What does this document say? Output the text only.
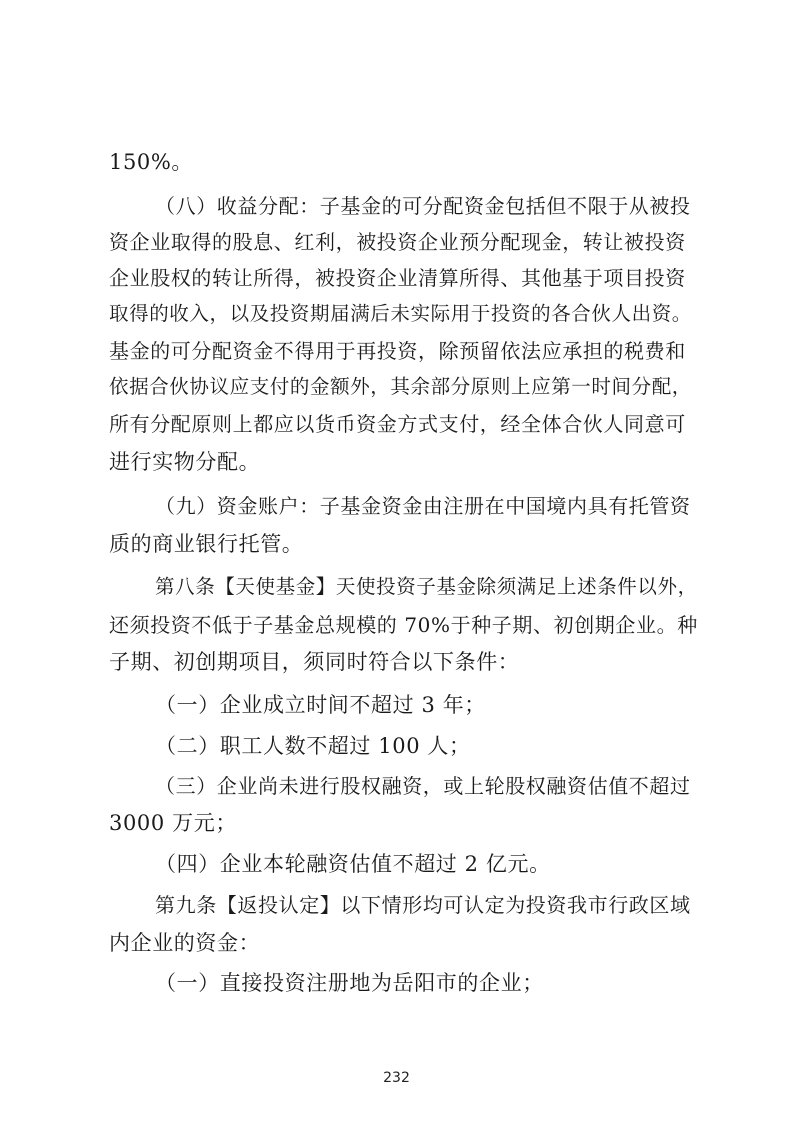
150%。
（八）收益分配：子基金的可分配资金包括但不限于从被投
资企业取得的股息、红利，被投资企业预分配现金，转让被投资
企业股权的转让所得，被投资企业清算所得、其他基于项目投资
取得的收入，以及投资期届满后未实际用于投资的各合伙人出资。
基金的可分配资金不得用于再投资，除预留依法应承担的税费和
依据合伙协议应支付的金额外，其余部分原则上应第一时间分配，
所有分配原则上都应以货币资金方式支付，经全体合伙人同意可
进行实物分配。
（九）资金账户：子基金资金由注册在中国境内具有托管资
质的商业银行托管。
第八条【天使基金】天使投资子基金除须满足上述条件以外，
还须投资不低于子基金总规模的 70%于种子期、初创期企业。种
子期、初创期项目，须同时符合以下条件：
（一）企业成立时间不超过 3 年；
（二）职工人数不超过 100 人；
（三）企业尚未进行股权融资，或上轮股权融资估值不超过
3000 万元；
（四）企业本轮融资估值不超过 2 亿元。
第九条【返投认定】以下情形均可认定为投资我市行政区域
内企业的资金：
（一）直接投资注册地为岳阳市的企业；
232
